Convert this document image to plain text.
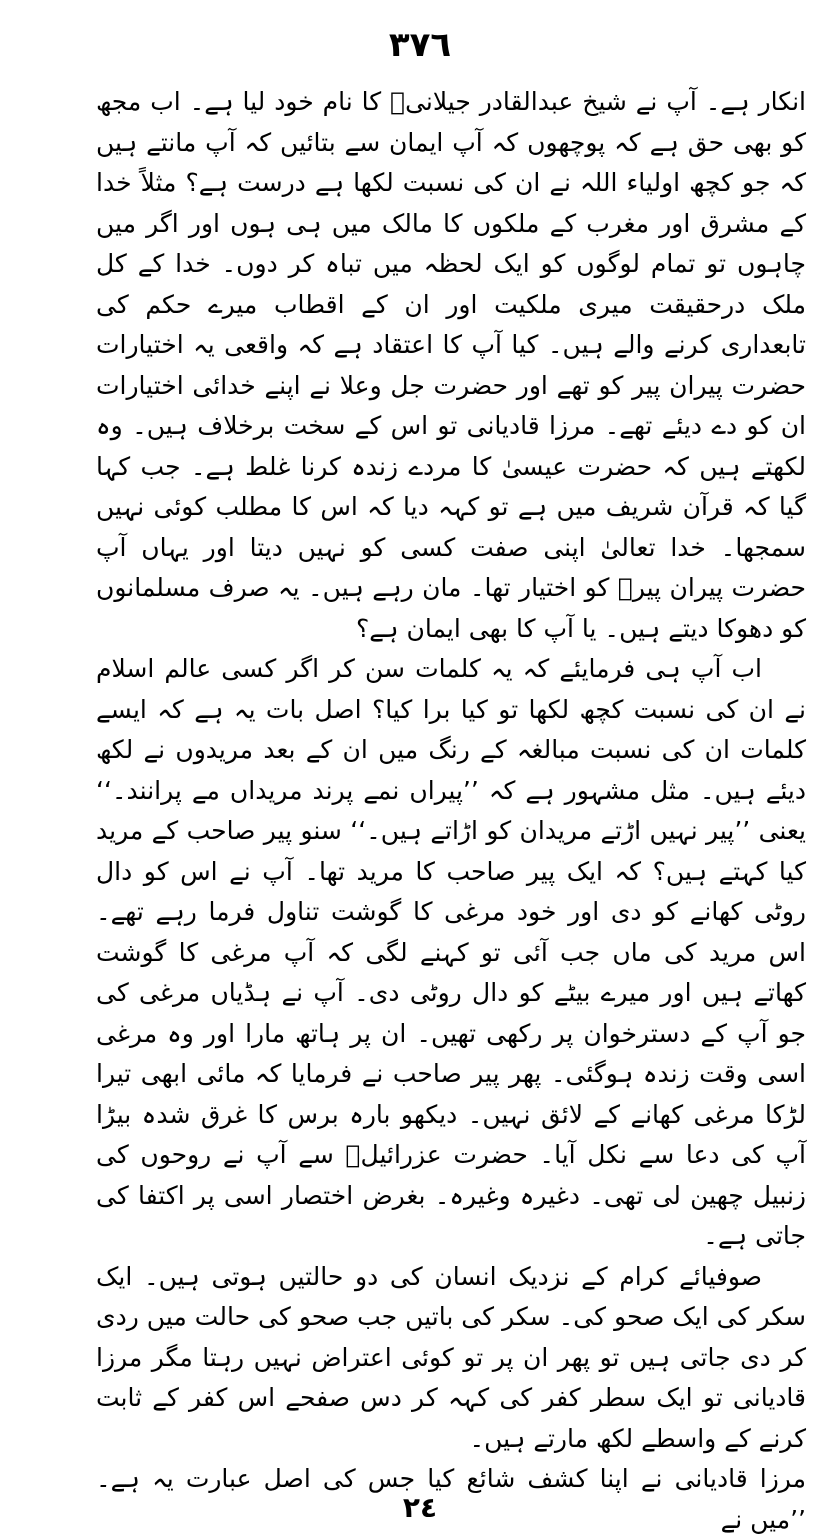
٣٧٦

انکار ہے۔ آپ نے شیخ عبدالقادر جیلانیؒ کا نام خود لیا ہے۔ اب مجھ کو بھی حق ہے کہ پوچھوں کہ آپ ایمان سے بتائیں کہ آپ مانتے ہیں کہ جو کچھ اولیاء اللہ نے ان کی نسبت لکھا ہے درست ہے؟ مثلاً خدا کے مشرق اور مغرب کے ملکوں کا مالک میں ہی ہوں اور اگر میں چاہوں تو تمام لوگوں کو ایک لحظہ میں تباہ کر دوں۔ خدا کے کل ملک درحقیقت میری ملکیت اور ان کے اقطاب میرے حکم کی تابعداری کرنے والے ہیں۔ کیا آپ کا اعتقاد ہے کہ واقعی یہ اختیارات حضرت پیران پیر کو تھے اور حضرت جل وعلا نے اپنے خدائی اختیارات ان کو دے دیئے تھے۔ مرزا قادیانی تو اس کے سخت برخلاف ہیں۔ وہ لکھتے ہیں کہ حضرت عیسیٰ کا مردے زندہ کرنا غلط ہے۔ جب کہا گیا کہ قرآن شریف میں ہے تو کہہ دیا کہ اس کا مطلب کوئی نہیں سمجھا۔ خدا تعالیٰ اپنی صفت کسی کو نہیں دیتا اور یہاں آپ حضرت پیران پیرؒ کو اختیار تھا۔ مان رہے ہیں۔ یہ صرف مسلمانوں کو دھوکا دیتے ہیں۔ یا آپ کا بھی ایمان ہے؟

اب آپ ہی فرمایئے کہ یہ کلمات سن کر اگر کسی عالم اسلام نے ان کی نسبت کچھ لکھا تو کیا برا کیا؟ اصل بات یہ ہے کہ ایسے کلمات ان کی نسبت مبالغہ کے رنگ میں ان کے بعد مریدوں نے لکھ دیئے ہیں۔ مثل مشہور ہے کہ ’’پیراں نمے پرند مریداں مے پرانند۔‘‘ یعنی ’’پیر نہیں اڑتے مریدان کو اڑاتے ہیں۔‘‘ سنو پیر صاحب کے مرید کیا کہتے ہیں؟ کہ ایک پیر صاحب کا مرید تھا۔ آپ نے اس کو دال روٹی کھانے کو دی اور خود مرغی کا گوشت تناول فرما رہے تھے۔ اس مرید کی ماں جب آئی تو کہنے لگی کہ آپ مرغی کا گوشت کھاتے ہیں اور میرے بیٹے کو دال روٹی دی۔ آپ نے ہڈیاں مرغی کی جو آپ کے دسترخوان پر رکھی تھیں۔ ان پر ہاتھ مارا اور وہ مرغی اسی وقت زندہ ہوگئی۔ پھر پیر صاحب نے فرمایا کہ مائی ابھی تیرا لڑکا مرغی کھانے کے لائق نہیں۔ دیکھو بارہ برس کا غرق شدہ بیڑا آپ کی دعا سے نکل آیا۔ حضرت عزرائیلؑ سے آپ نے روحوں کی زنبیل چھین لی تھی۔ دغیرہ وغیرہ۔ بغرض اختصار اسی پر اکتفا کی جاتی ہے۔

صوفیائے کرام کے نزدیک انسان کی دو حالتیں ہوتی ہیں۔ ایک سکر کی ایک صحو کی۔ سکر کی باتیں جب صحو کی حالت میں ردی کر دی جاتی ہیں تو پھر ان پر تو کوئی اعتراض نہیں رہتا مگر مرزا قادیانی تو ایک سطر کفر کی کہہ کر دس صفحے اس کفر کے ثابت کرنے کے واسطے لکھ مارتے ہیں۔

مرزا قادیانی نے اپنا کشف شائع کیا جس کی اصل عبارت یہ ہے۔ ’’میں نے

٢٤
